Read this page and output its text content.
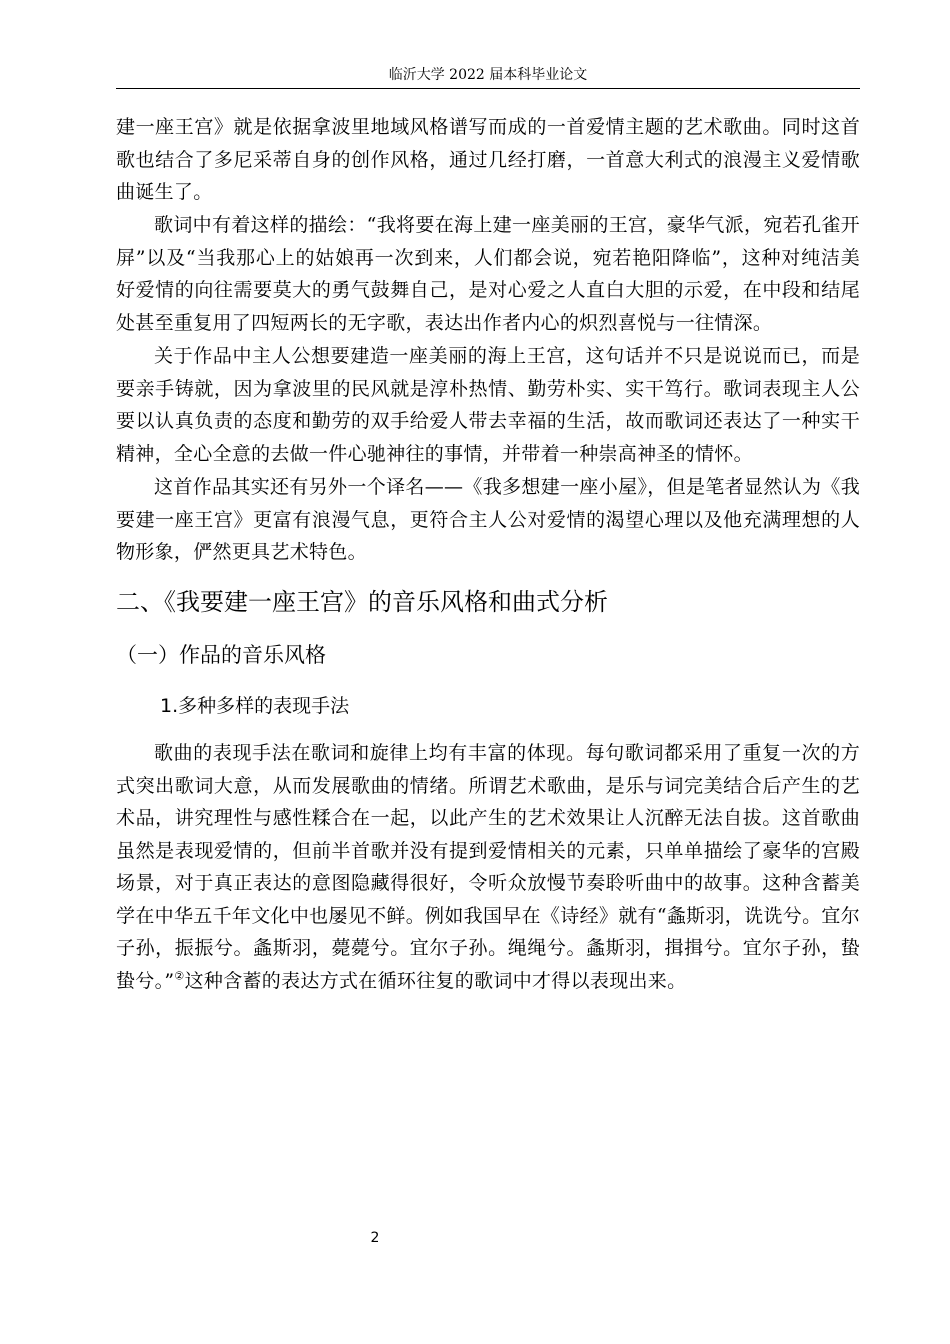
临沂大学 2022 届本科毕业论文

建一座王宫》就是依据拿波里地域风格谱写而成的一首爱情主题的艺术歌曲。同时这首歌也结合了多尼采蒂自身的创作风格，通过几经打磨，一首意大利式的浪漫主义爱情歌曲诞生了。

歌词中有着这样的描绘：“我将要在海上建一座美丽的王宫，豪华气派，宛若孔雀开屏”以及“当我那心上的姑娘再一次到来，人们都会说，宛若艳阳降临”，这种对纯洁美好爱情的向往需要莫大的勇气鼓舞自己，是对心爱之人直白大胆的示爱，在中段和结尾处甚至重复用了四短两长的无字歌，表达出作者内心的炽烈喜悦与一往情深。

关于作品中主人公想要建造一座美丽的海上王宫，这句话并不只是说说而已，而是要亲手铸就，因为拿波里的民风就是淳朴热情、勤劳朴实、实干笃行。歌词表现主人公要以认真负责的态度和勤劳的双手给爱人带去幸福的生活，故而歌词还表达了一种实干精神，全心全意的去做一件心驰神往的事情，并带着一种崇高神圣的情怀。

这首作品其实还有另外一个译名——《我多想建一座小屋》，但是笔者显然认为《我要建一座王宫》更富有浪漫气息，更符合主人公对爱情的渴望心理以及他充满理想的人物形象，俨然更具艺术特色。

二、《我要建一座王宫》的音乐风格和曲式分析
（一）作品的音乐风格
1.多种多样的表现手法

歌曲的表现手法在歌词和旋律上均有丰富的体现。每句歌词都采用了重复一次的方式突出歌词大意，从而发展歌曲的情绪。所谓艺术歌曲，是乐与词完美结合后产生的艺术品，讲究理性与感性糅合在一起，以此产生的艺术效果让人沉醉无法自拔。这首歌曲虽然是表现爱情的，但前半首歌并没有提到爱情相关的元素，只单单描绘了豪华的宫殿场景，对于真正表达的意图隐藏得很好，令听众放慢节奏聆听曲中的故事。这种含蓄美学在中华五千年文化中也屡见不鲜。例如我国早在《诗经》就有“螽斯羽，诜诜兮。宜尔子孙，振振兮。螽斯羽，薨薨兮。宜尔子孙。绳绳兮。螽斯羽，揖揖兮。宜尔子孙，蛰蛰兮。”②这种含蓄的表达方式在循环往复的歌词中才得以表现出来。

2
